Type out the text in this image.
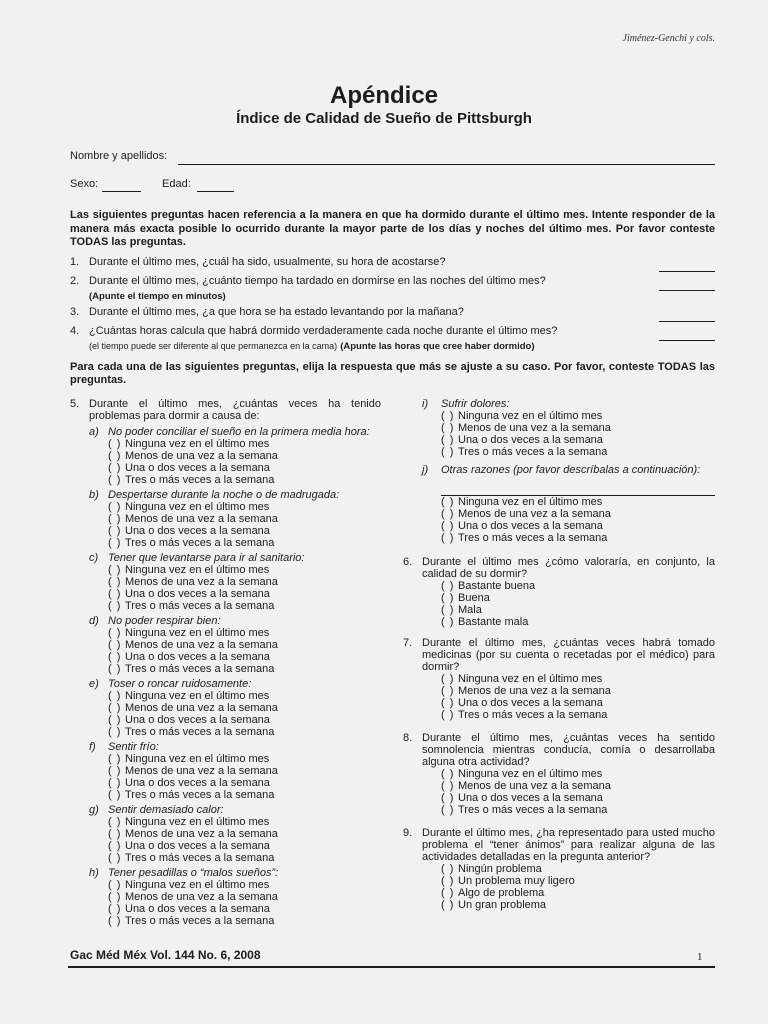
Jiménez-Genchi y cols.
Apéndice
Índice de Calidad de Sueño de Pittsburgh
Nombre y apellidos:
Sexo:	Edad:
Las siguientes preguntas hacen referencia a la manera en que ha dormido durante el último mes. Intente responder de la manera más exacta posible lo ocurrido durante la mayor parte de los días y noches del último mes. Por favor conteste TODAS las preguntas.
1. Durante el último mes, ¿cuál ha sido, usualmente, su hora de acostarse?
2. Durante el último mes, ¿cuánto tiempo ha tardado en dormirse en las noches del último mes?
(Apunte el tiempo en minutos)
3. Durante el último mes, ¿a que hora se ha estado levantando por la mañana?
4. ¿Cuántas horas calcula que habrá dormido verdaderamente cada noche durante el último mes?
(el tiempo puede ser diferente al que permanezca en la cama) (Apunte las horas que cree haber dormido)
Para cada una de las siguientes preguntas, elija la respuesta que más se ajuste a su caso. Por favor, conteste TODAS las preguntas.
5. Durante el último mes, ¿cuántas veces ha tenido problemas para dormir a causa de:
a) No poder conciliar el sueño en la primera media hora:
( ) Ninguna vez en el último mes
( ) Menos de una vez a la semana
( ) Una o dos veces a la semana
( ) Tres o más veces a la semana
b) Despertarse durante la noche o de madrugada:
( ) Ninguna vez en el último mes
( ) Menos de una vez a la semana
( ) Una o dos veces a la semana
( ) Tres o más veces a la semana
c) Tener que levantarse para ir al sanitario:
( ) Ninguna vez en el último mes
( ) Menos de una vez a la semana
( ) Una o dos veces a la semana
( ) Tres o más veces a la semana
d) No poder respirar bien:
( ) Ninguna vez en el último mes
( ) Menos de una vez a la semana
( ) Una o dos veces a la semana
( ) Tres o más veces a la semana
e) Toser o roncar ruidosamente:
( ) Ninguna vez en el último mes
( ) Menos de una vez a la semana
( ) Una o dos veces a la semana
( ) Tres o más veces a la semana
f) Sentir frío:
( ) Ninguna vez en el último mes
( ) Menos de una vez a la semana
( ) Una o dos veces a la semana
( ) Tres o más veces a la semana
g) Sentir demasiado calor:
( ) Ninguna vez en el último mes
( ) Menos de una vez a la semana
( ) Una o dos veces a la semana
( ) Tres o más veces a la semana
h) Tener pesadillas o “malos sueños”:
( ) Ninguna vez en el último mes
( ) Menos de una vez a la semana
( ) Una o dos veces a la semana
( ) Tres o más veces a la semana
i) Sufrir dolores:
( ) Ninguna vez en el último mes
( ) Menos de una vez a la semana
( ) Una o dos veces a la semana
( ) Tres o más veces a la semana
j) Otras razones (por favor descríbalas a continuación):
( ) Ninguna vez en el último mes
( ) Menos de una vez a la semana
( ) Una o dos veces a la semana
( ) Tres o más veces a la semana
6. Durante el último mes ¿cómo valoraría, en conjunto, la calidad de su dormir?
( ) Bastante buena
( ) Buena
( ) Mala
( ) Bastante mala
7. Durante el último mes, ¿cuántas veces habrá tomado medicinas (por su cuenta o recetadas por el médico) para dormir?
( ) Ninguna vez en el último mes
( ) Menos de una vez a la semana
( ) Una o dos veces a la semana
( ) Tres o más veces a la semana
8. Durante el último mes, ¿cuántas veces ha sentido somnolencia mientras conducía, comía o desarrollaba alguna otra actividad?
( ) Ninguna vez en el último mes
( ) Menos de una vez a la semana
( ) Una o dos veces a la semana
( ) Tres o más veces a la semana
9. Durante el último mes, ¿ha representado para usted mucho problema el “tener ánimos” para realizar alguna de las actividades detalladas en la pregunta anterior?
( ) Ningún problema
( ) Un problema muy ligero
( ) Algo de problema
( ) Un gran problema
Gac Méd Méx Vol. 144 No. 6, 2008	1
